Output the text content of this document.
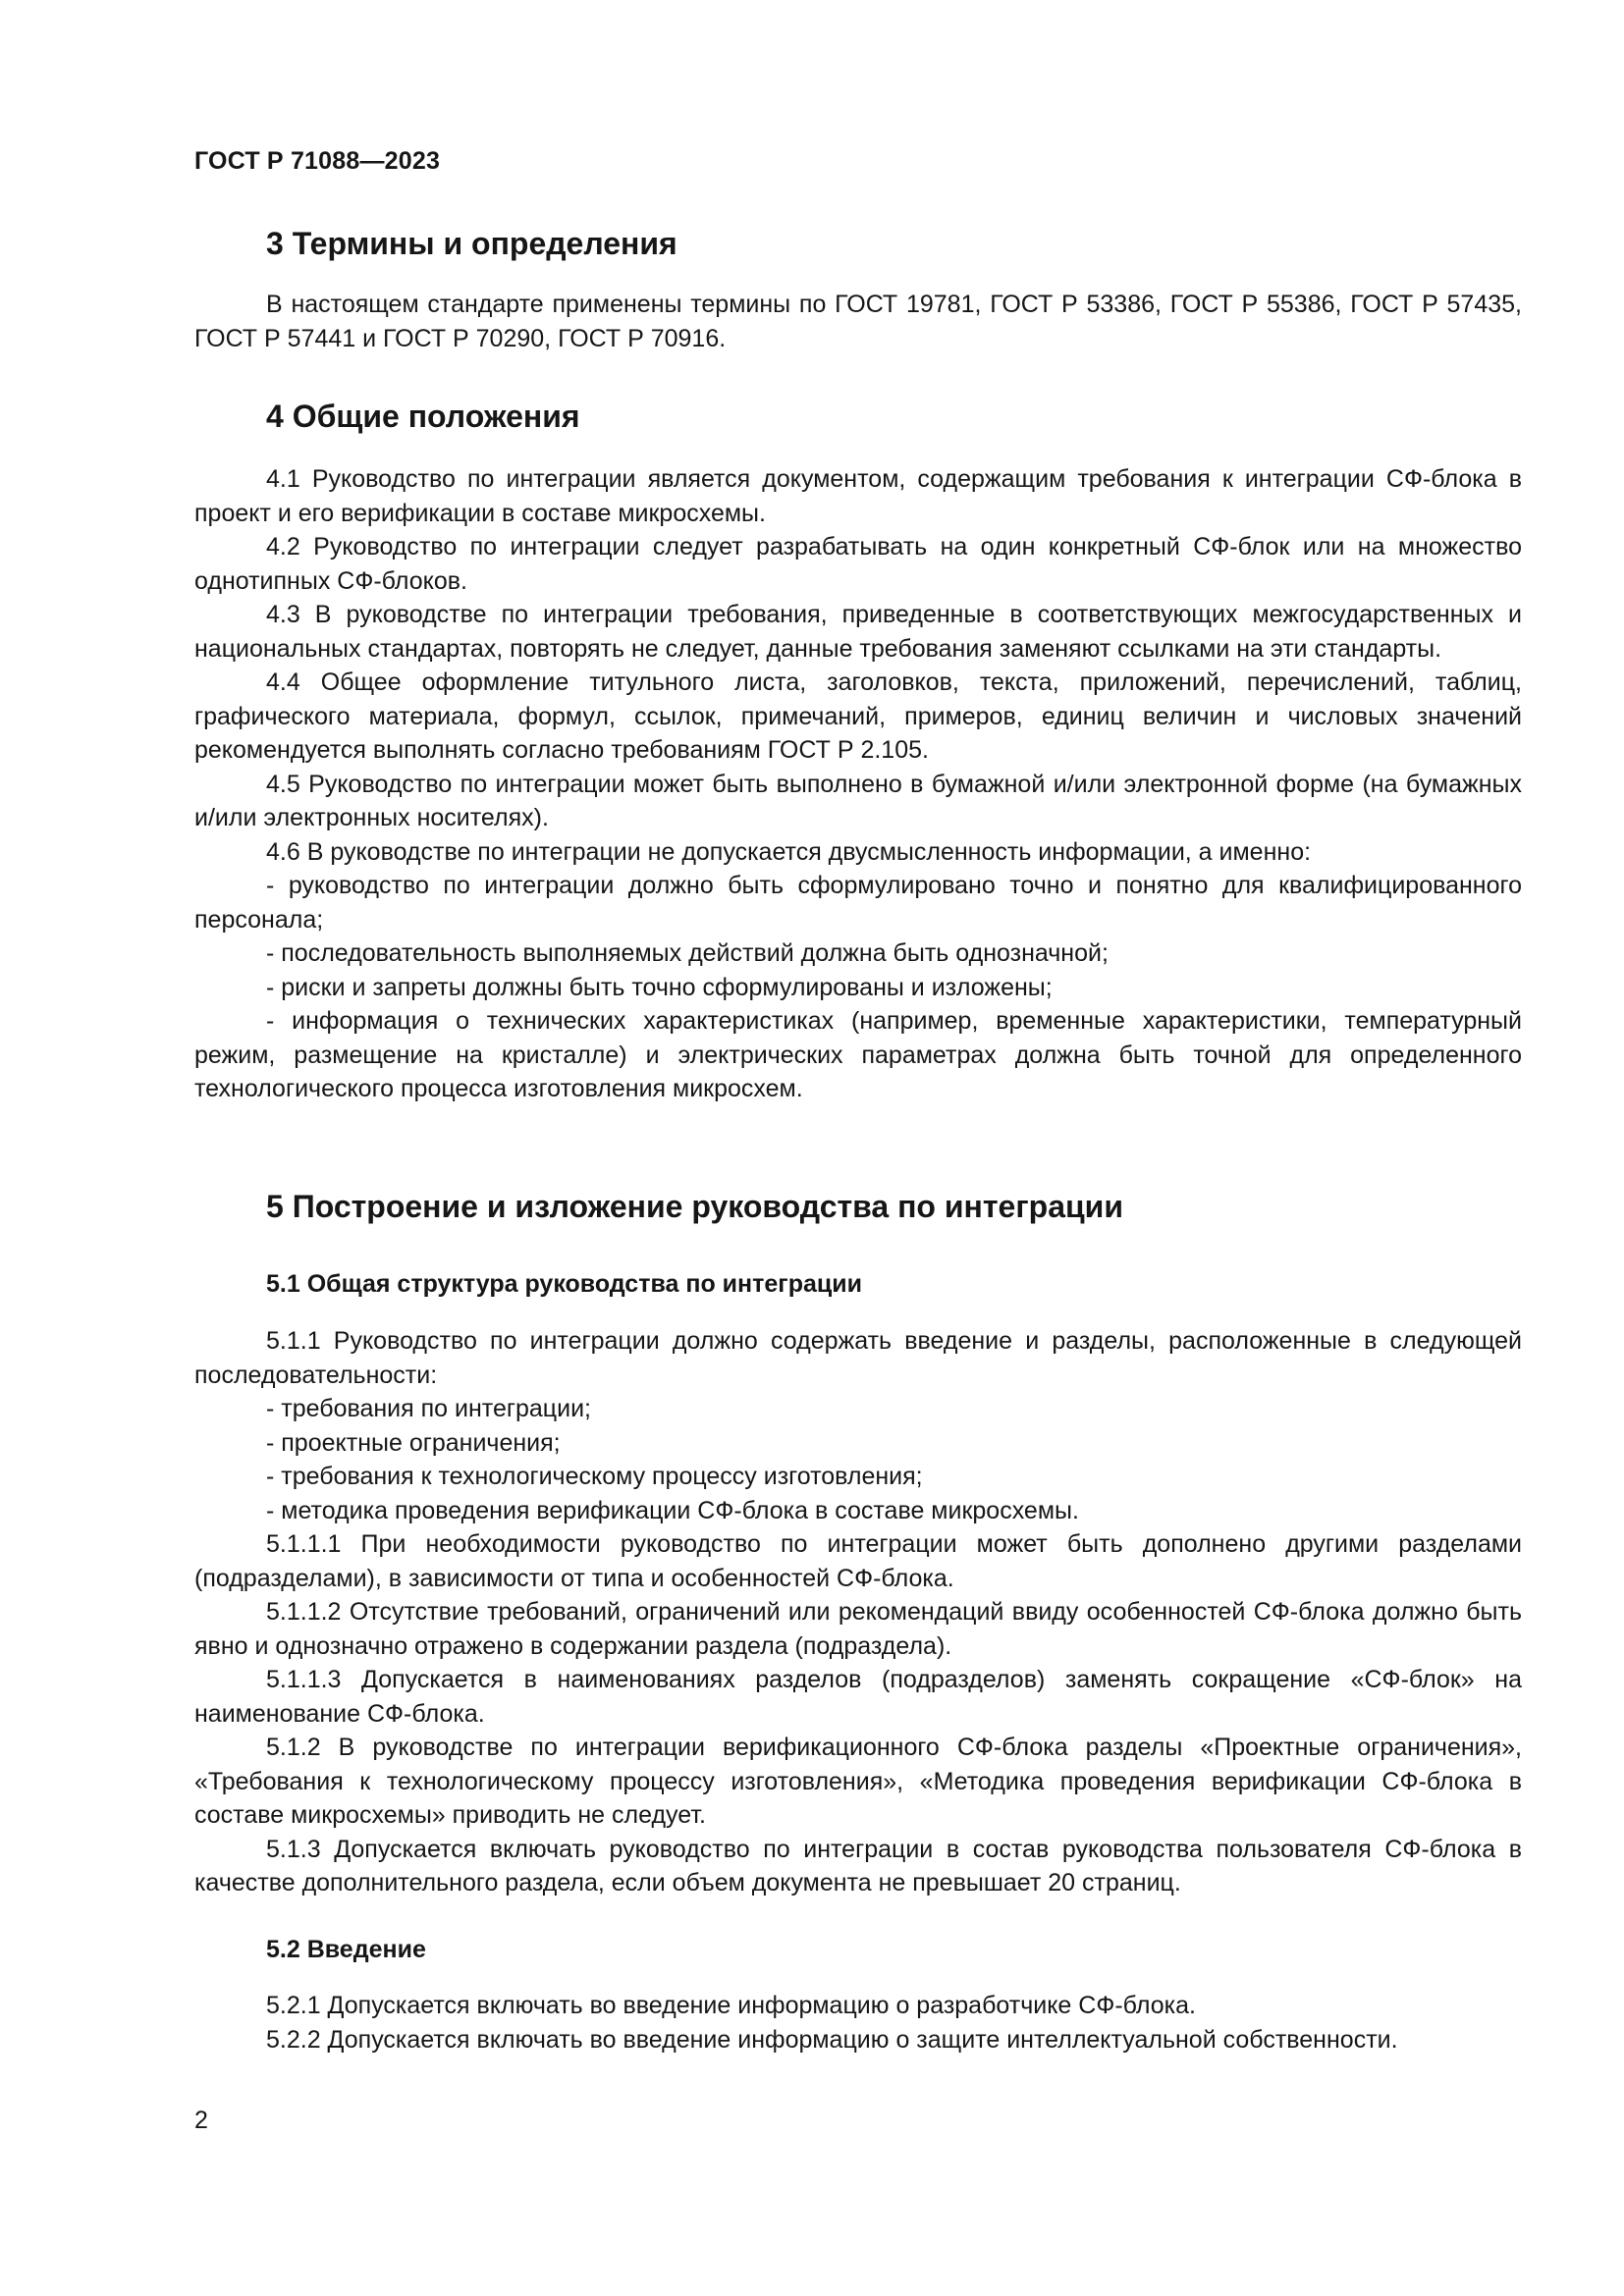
ГОСТ Р 71088—2023
3 Термины и определения

В настоящем стандарте применены термины по ГОСТ 19781, ГОСТ Р 53386, ГОСТ Р 55386, ГОСТ Р 57435, ГОСТ Р 57441 и ГОСТ Р 70290, ГОСТ Р 70916.

4 Общие положения

4.1 Руководство по интеграции является документом, содержащим требования к интеграции СФ-блока в проект и его верификации в составе микросхемы.

4.2 Руководство по интеграции следует разрабатывать на один конкретный СФ-блок или на множество однотипных СФ-блоков.

4.3 В руководстве по интеграции требования, приведенные в соответствующих межгосударственных и национальных стандартах, повторять не следует, данные требования заменяют ссылками на эти стандарты.

4.4 Общее оформление титульного листа, заголовков, текста, приложений, перечислений, таблиц, графического материала, формул, ссылок, примечаний, примеров, единиц величин и числовых значений рекомендуется выполнять согласно требованиям ГОСТ Р 2.105.

4.5 Руководство по интеграции может быть выполнено в бумажной и/или электронной форме (на бумажных и/или электронных носителях).

4.6 В руководстве по интеграции не допускается двусмысленность информации, а именно:

- руководство по интеграции должно быть сформулировано точно и понятно для квалифицированного персонала;

- последовательность выполняемых действий должна быть однозначной;

- риски и запреты должны быть точно сформулированы и изложены;

- информация о технических характеристиках (например, временные характеристики, температурный режим, размещение на кристалле) и электрических параметрах должна быть точной для определенного технологического процесса изготовления микросхем.

5 Построение и изложение руководства по интеграции
5.1 Общая структура руководства по интеграции

5.1.1 Руководство по интеграции должно содержать введение и разделы, расположенные в следующей последовательности:

- требования по интеграции;

- проектные ограничения;

- требования к технологическому процессу изготовления;

- методика проведения верификации СФ-блока в составе микросхемы.

5.1.1.1 При необходимости руководство по интеграции может быть дополнено другими разделами (подразделами), в зависимости от типа и особенностей СФ-блока.

5.1.1.2 Отсутствие требований, ограничений или рекомендаций ввиду особенностей СФ-блока должно быть явно и однозначно отражено в содержании раздела (подраздела).

5.1.1.3 Допускается в наименованиях разделов (подразделов) заменять сокращение «СФ-блок» на наименование СФ-блока.

5.1.2 В руководстве по интеграции верификационного СФ-блока разделы «Проектные ограничения», «Требования к технологическому процессу изготовления», «Методика проведения верификации СФ-блока в составе микросхемы» приводить не следует.

5.1.3 Допускается включать руководство по интеграции в состав руководства пользователя СФ-блока в качестве дополнительного раздела, если объем документа не превышает 20 страниц.

5.2 Введение

5.2.1 Допускается включать во введение информацию о разработчике СФ-блока.

5.2.2 Допускается включать во введение информацию о защите интеллектуальной собственности.

2
